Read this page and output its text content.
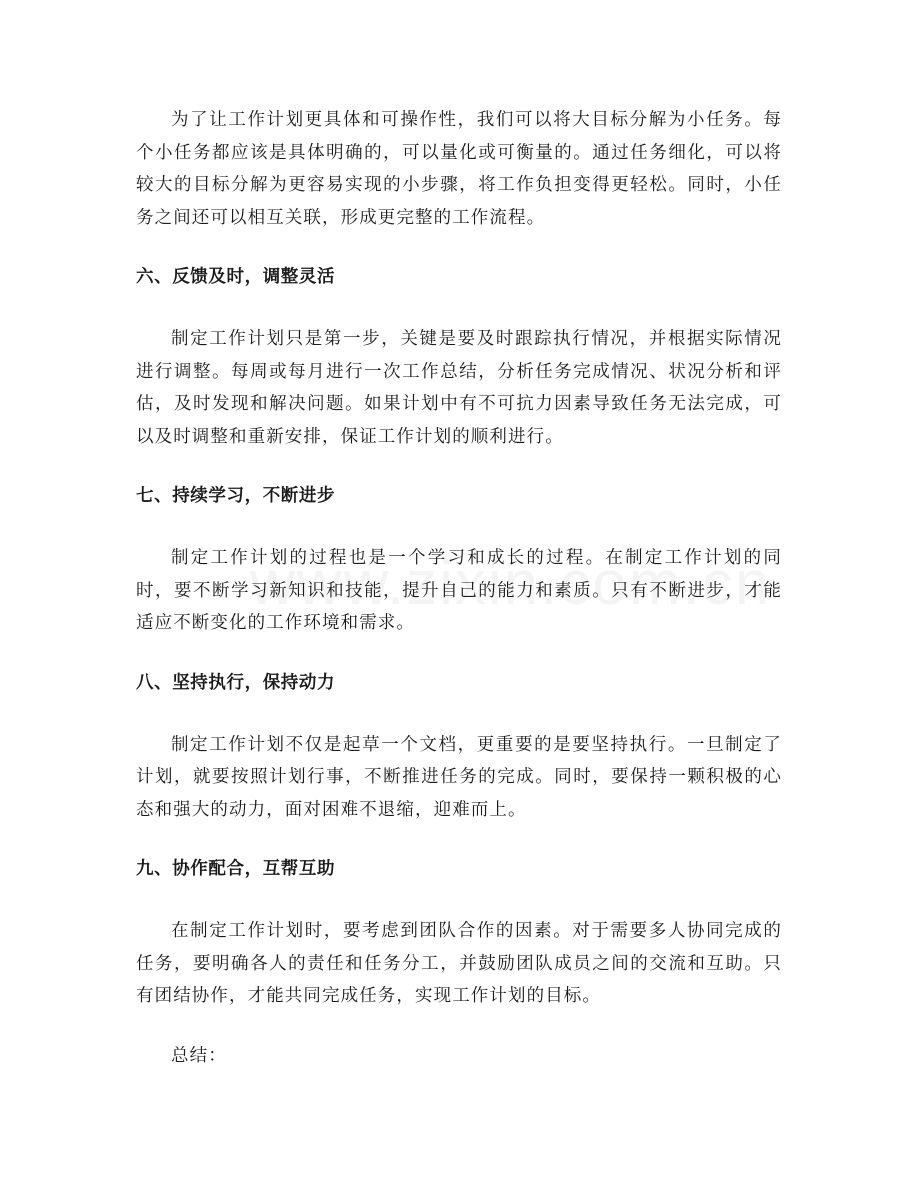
为了让工作计划更具体和可操作性，我们可以将大目标分解为小任务。每个小任务都应该是具体明确的，可以量化或可衡量的。通过任务细化，可以将较大的目标分解为更容易实现的小步骤，将工作负担变得更轻松。同时，小任务之间还可以相互关联，形成更完整的工作流程。

六、反馈及时，调整灵活

制定工作计划只是第一步，关键是要及时跟踪执行情况，并根据实际情况进行调整。每周或每月进行一次工作总结，分析任务完成情况、状况分析和评估，及时发现和解决问题。如果计划中有不可抗力因素导致任务无法完成，可以及时调整和重新安排，保证工作计划的顺利进行。

七、持续学习，不断进步

制定工作计划的过程也是一个学习和成长的过程。在制定工作计划的同时，要不断学习新知识和技能，提升自己的能力和素质。只有不断进步，才能适应不断变化的工作环境和需求。

八、坚持执行，保持动力

制定工作计划不仅是起草一个文档，更重要的是要坚持执行。一旦制定了计划，就要按照计划行事，不断推进任务的完成。同时，要保持一颗积极的心态和强大的动力，面对困难不退缩，迎难而上。

九、协作配合，互帮互助

在制定工作计划时，要考虑到团队合作的因素。对于需要多人协同完成的任务，要明确各人的责任和任务分工，并鼓励团队成员之间的交流和互助。只有团结协作，才能共同完成任务，实现工作计划的目标。

总结：
